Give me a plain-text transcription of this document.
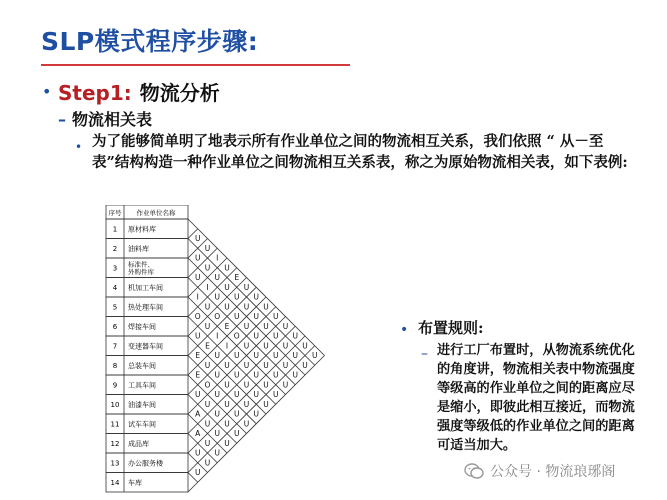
SLP模式程序步骤:
• Step1: 物流分析
– 物流相关表
• 为了能够简单明了地表示所有作业单位之间的物流相互关系，我们依照 “ 从－至表”结构构造一种作业单位之间物流相互关系表，称之为原始物流相关表，如下表例:
序号 作业单位名称
1 原材料库
2 油料库
3 标准件、
外购件库
4 机加工车间
5 热处理车间
6 焊接车间
7 变速器车间
8 总装车间
9 工具车间
10 油漆车间
11 试车车间
12 成品库
13 办公服务楼
14 车库
U
U
I
U
E
U
U
U
U
U
U
U
U
U
U
U
U
U
U
U
U
U
U
U
U
U
I
U
U
U
U
U
U
U
U
U
I
U
O
E
O
U
U
U
U
U
O
U
I
I
U
U
U
U
U
U
E
U
U
U
U
U
U
E
U
U
U
U
U
U
E
O
U
U
U
U
U
U
U
U
U
A
U
U
U
A
U
U
U
U
U
• 布置规则:
– 进行工厂布置时，从物流系统优化的角度讲，物流相关表中物流强度等级高的作业单位之间的距离应尽是缩小，即彼此相互接近，而物流强度等级低的作业单位之间的距离可适当加大。
公众号 · 物流琅琊阁
